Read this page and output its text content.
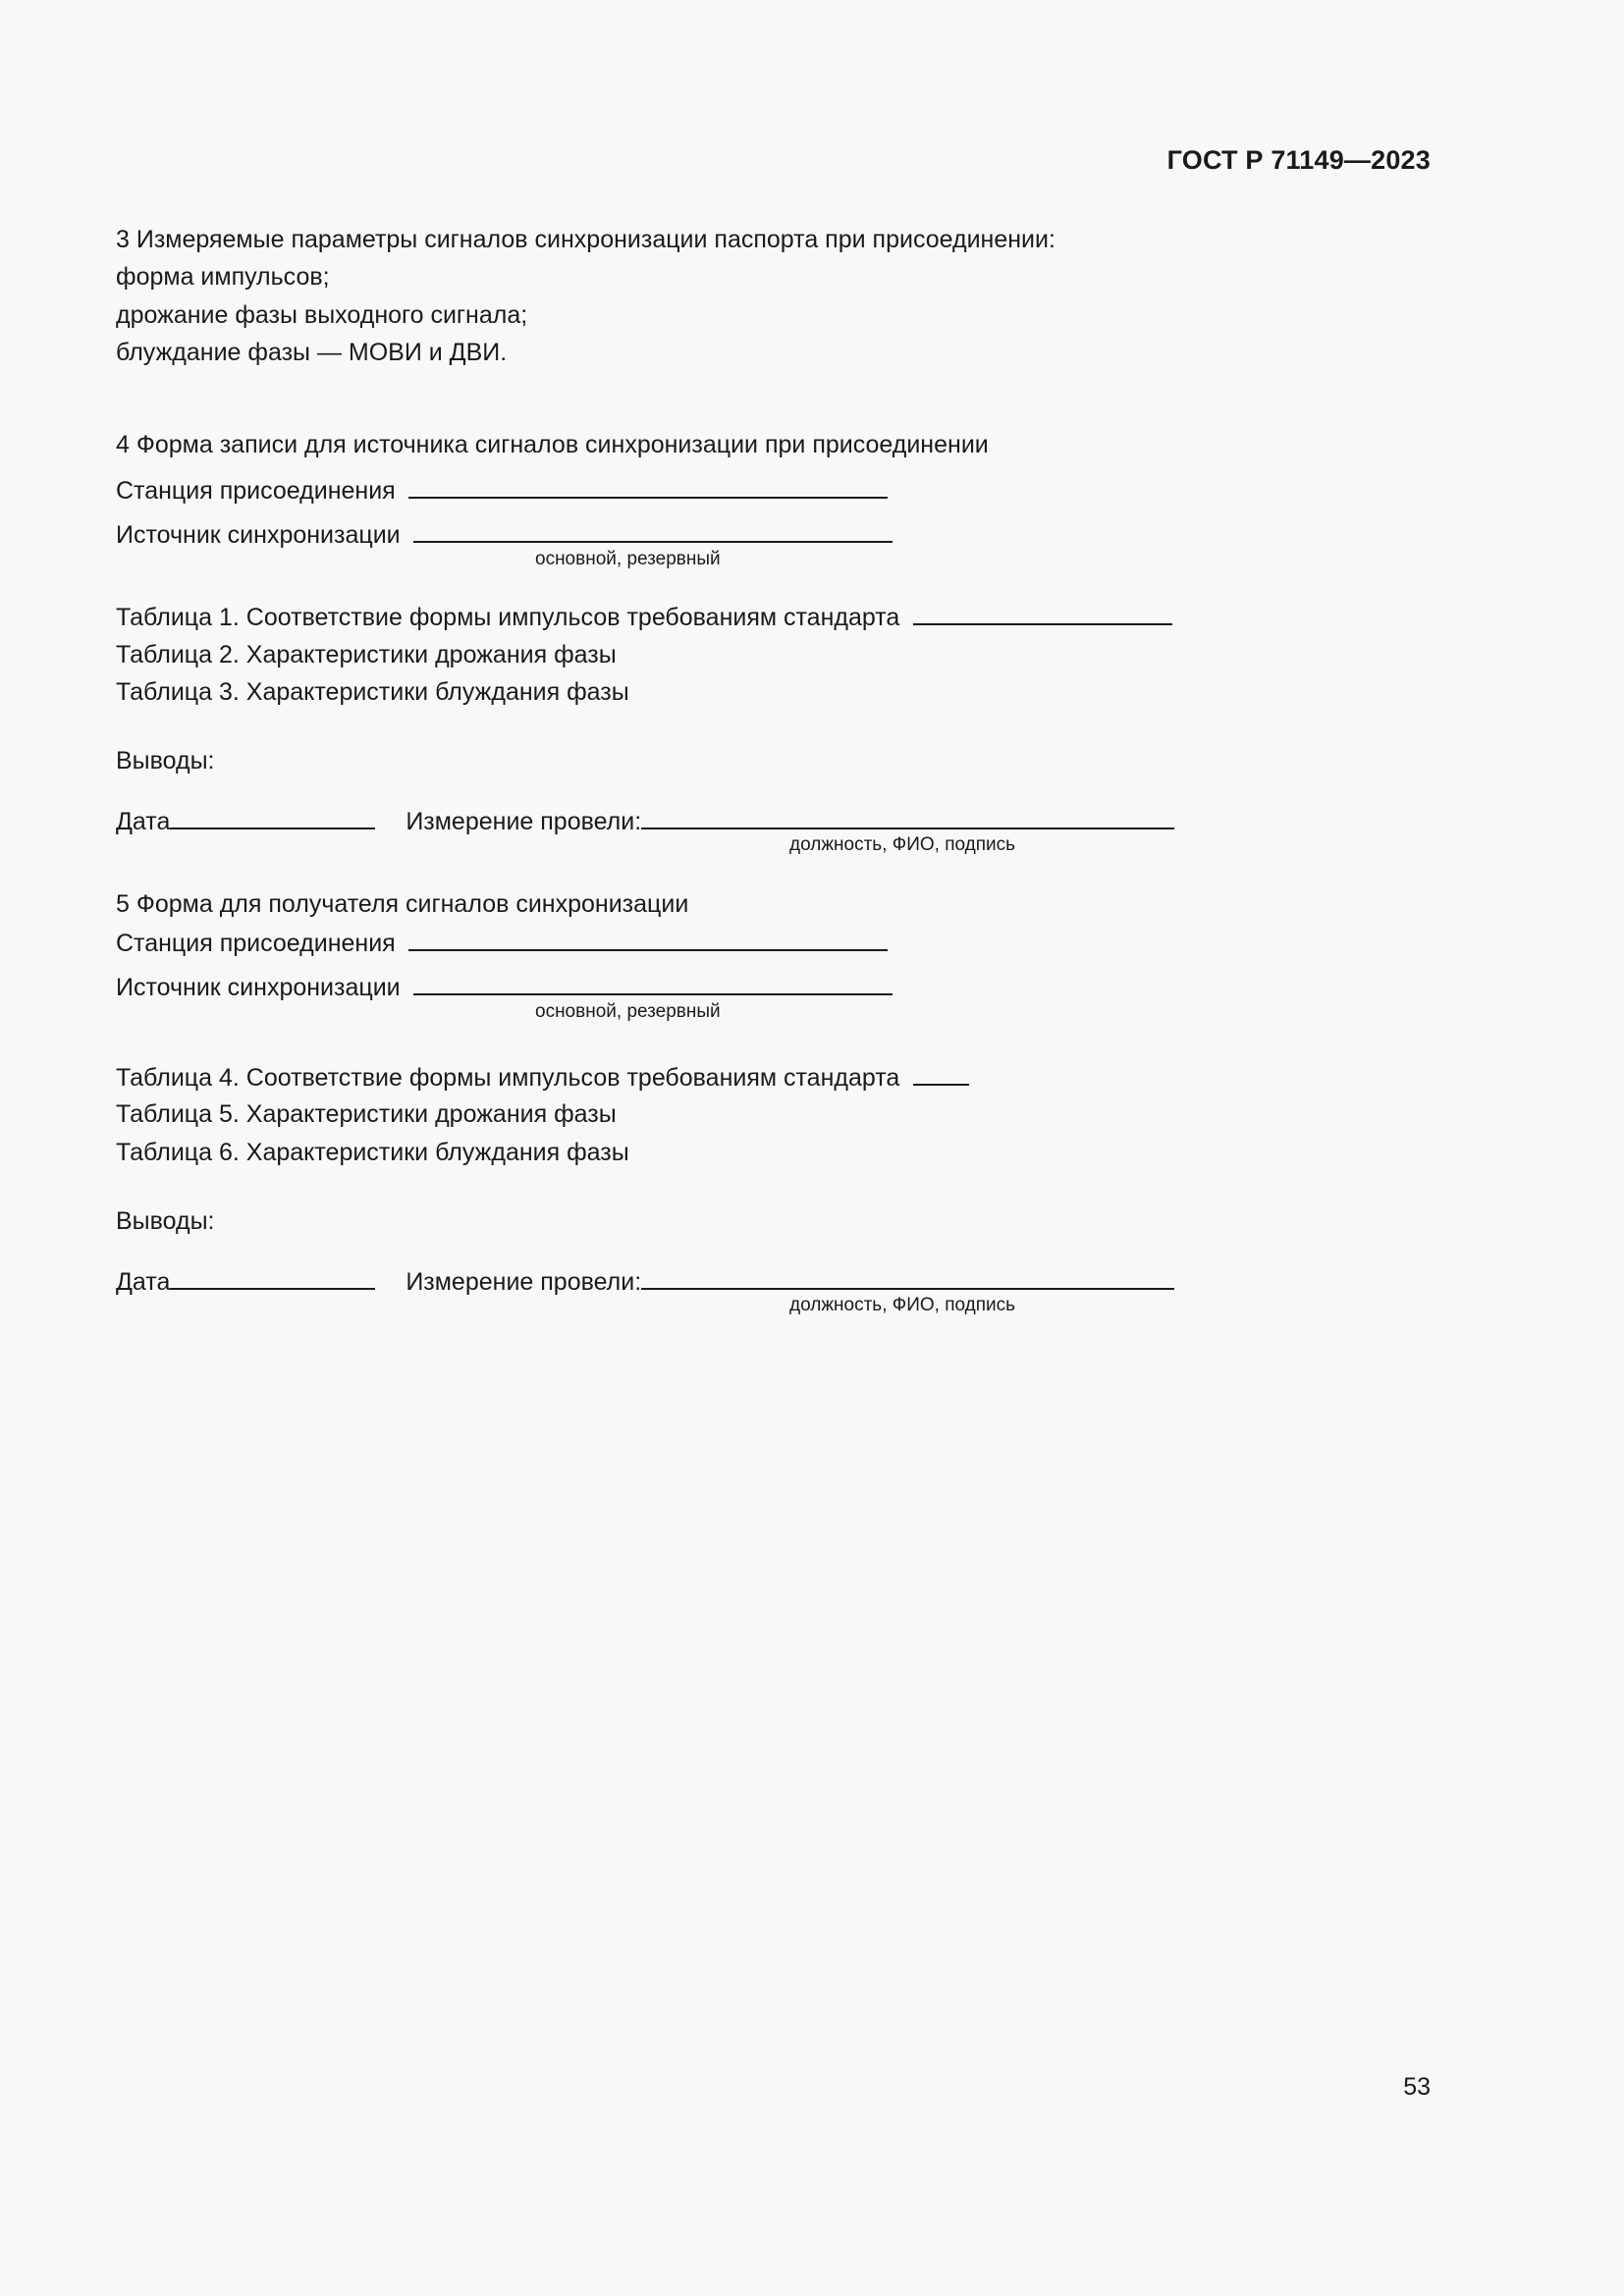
ГОСТ Р 71149—2023
3 Измеряемые параметры сигналов синхронизации паспорта при присоединении:
форма импульсов;
дрожание фазы выходного сигнала;
блуждание фазы — МОВИ и ДВИ.
4 Форма записи для источника сигналов синхронизации при присоединении
Станция присоединения
Источник синхронизации
основной, резервный
Таблица 1. Соответствие формы импульсов требованиям стандарта
Таблица 2. Характеристики дрожания фазы
Таблица 3. Характеристики блуждания фазы
Выводы:
Дата	Измерение провели:
должность, ФИО, подпись
5 Форма для получателя сигналов синхронизации
Станция присоединения
Источник синхронизации
основной, резервный
Таблица 4. Соответствие формы импульсов требованиям стандарта
Таблица 5. Характеристики дрожания фазы
Таблица 6. Характеристики блуждания фазы
Выводы:
Дата	Измерение провели:
должность, ФИО, подпись
53
